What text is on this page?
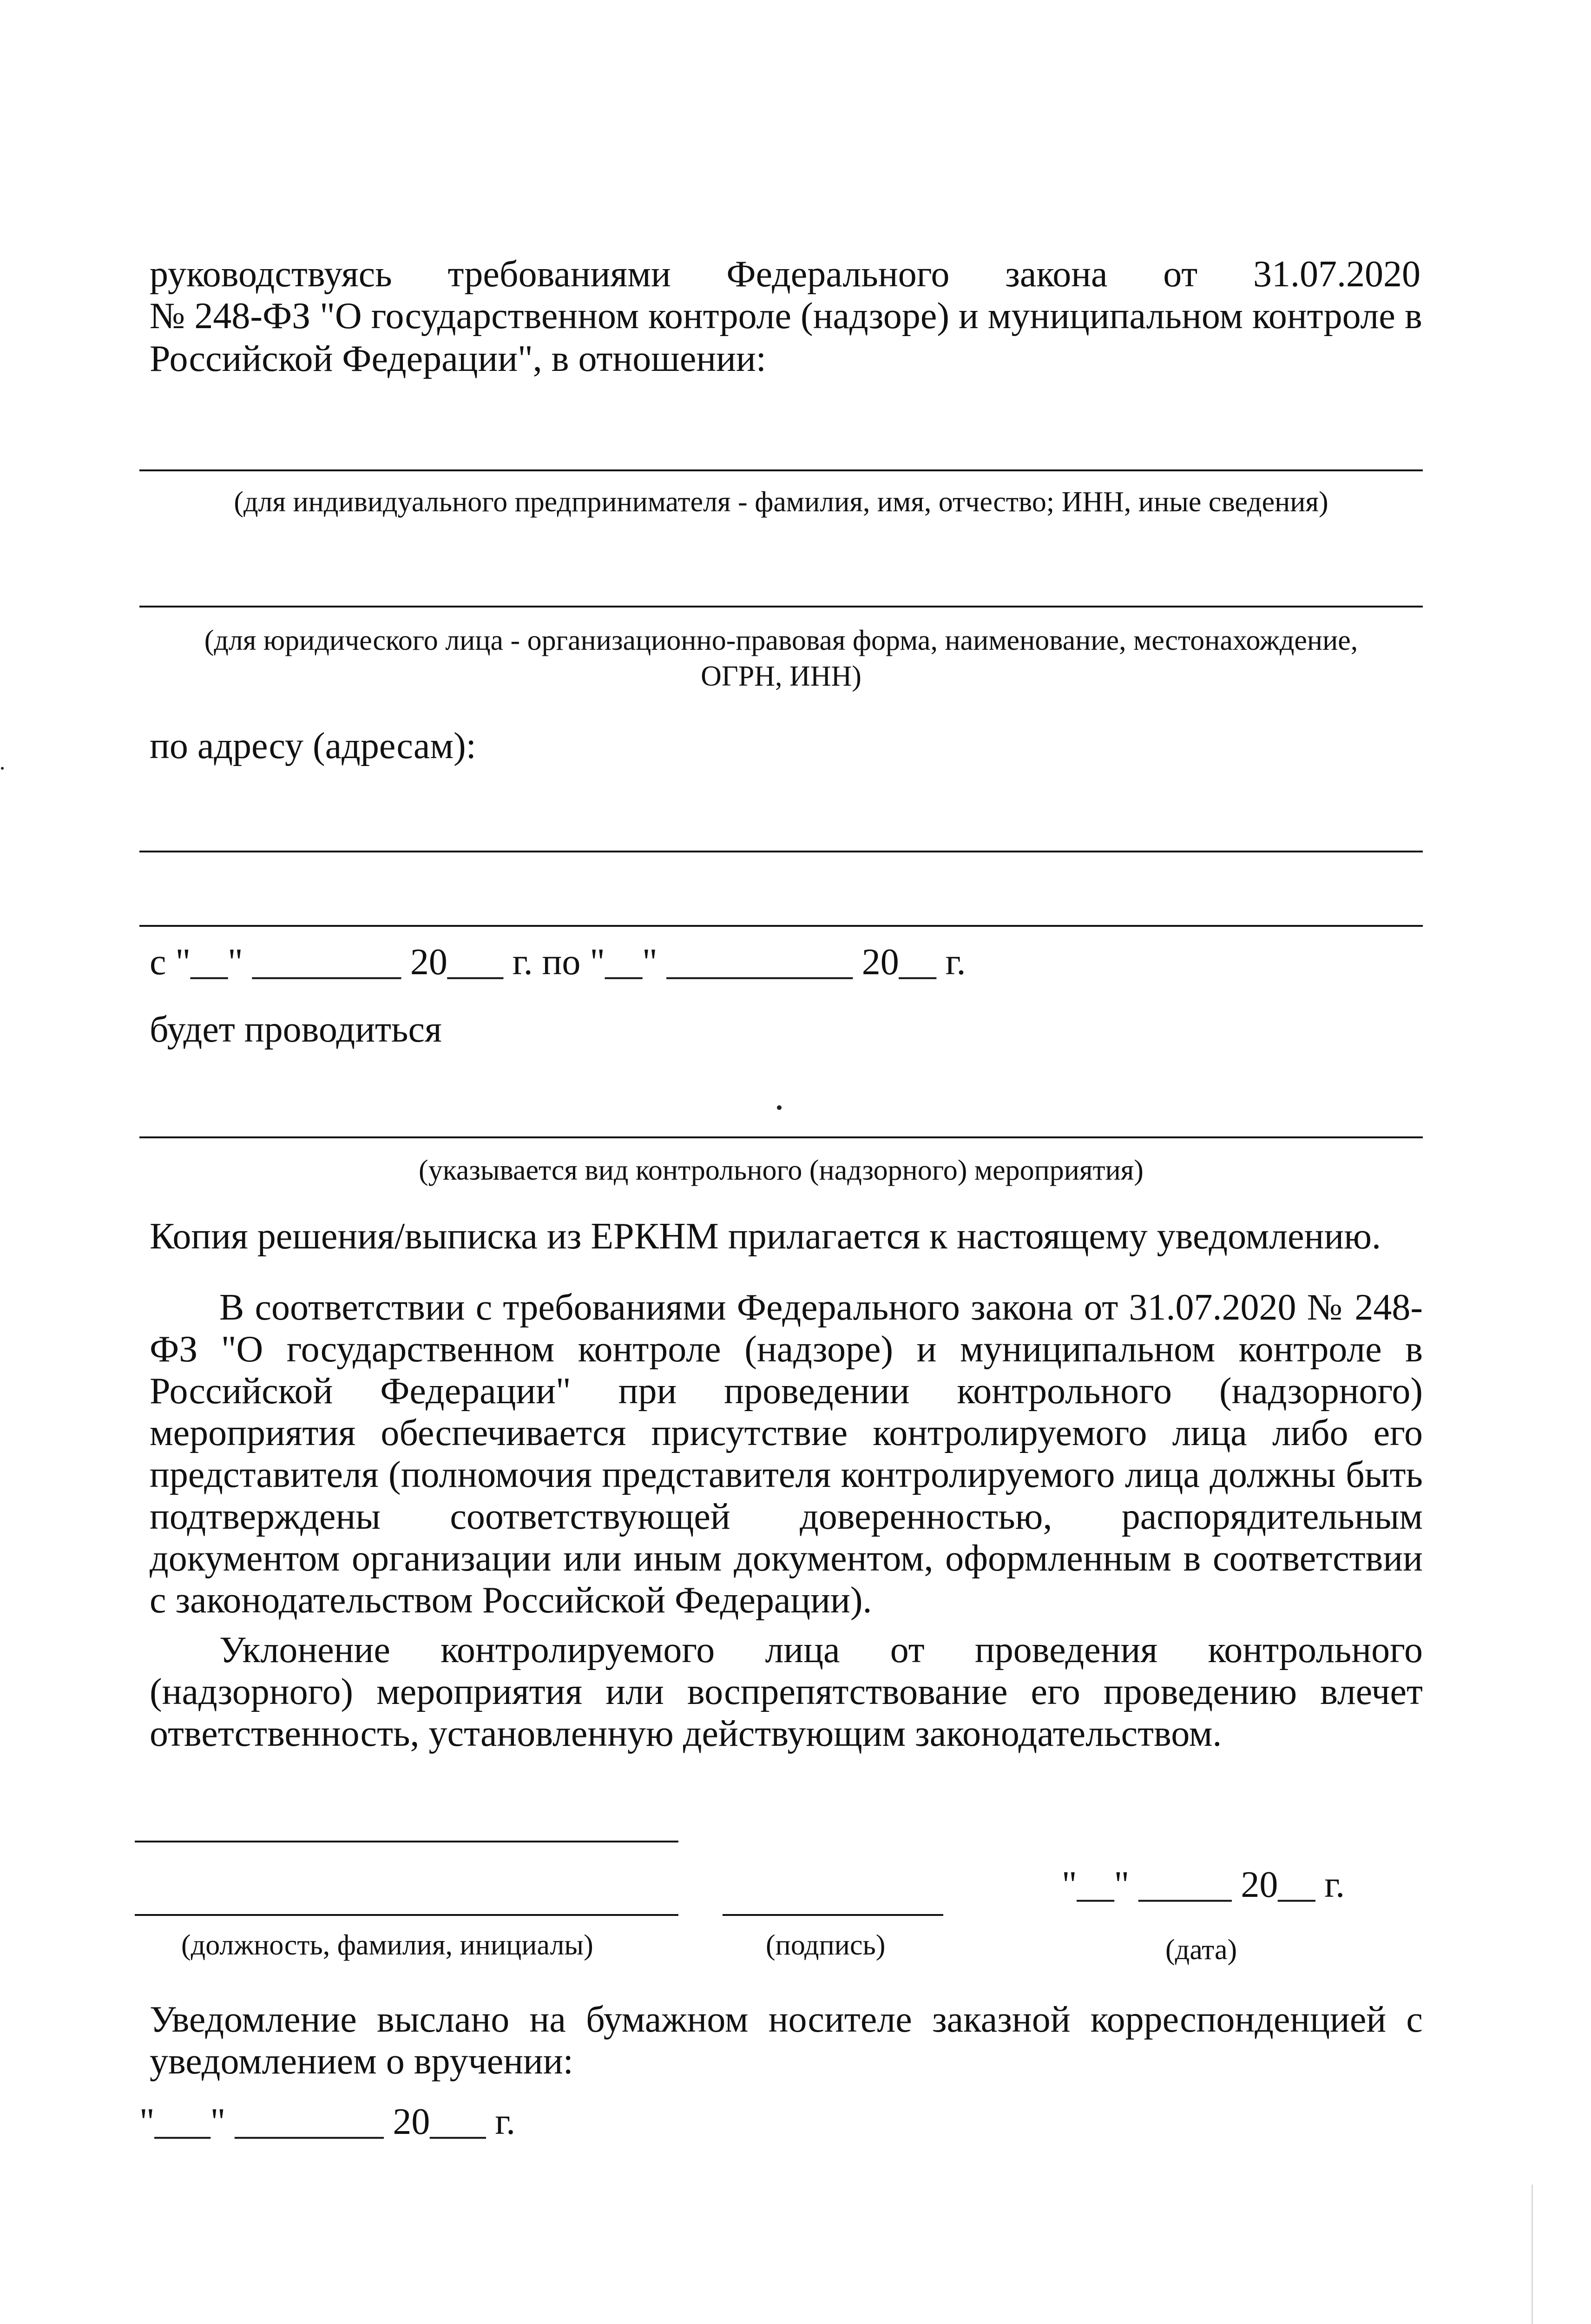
руководствуясь требованиями Федерального закона от 31.07.2020
№ 248-ФЗ "О государственном контроле (надзоре) и муниципальном контроле в
Российской Федерации", в отношении:
(для индивидуального предпринимателя - фамилия, имя, отчество; ИНН, иные сведения)
(для юридического лица - организационно-правовая форма, наименование, местонахождение,
ОГРН, ИНН)
по адресу (адресам):
с "__" ________ 20___ г. по "__" __________ 20__ г.
будет проводиться
(указывается вид контрольного (надзорного) мероприятия)
Копия решения/выписка из ЕРКНМ прилагается к настоящему уведомлению.
В соответствии с требованиями Федерального закона от 31.07.2020 № 248-ФЗ "О государственном контроле (надзоре) и муниципальном контроле в Российской Федерации" при проведении контрольного (надзорного) мероприятия обеспечивается присутствие контролируемого лица либо его представителя (полномочия представителя контролируемого лица должны быть подтверждены соответствующей доверенностью, распорядительным документом организации или иным документом, оформленным в соответствии с законодательством Российской Федерации).
Уклонение контролируемого лица от проведения контрольного (надзорного) мероприятия или воспрепятствование его проведению влечет ответственность, установленную действующим законодательством.
"__" _____ 20__ г.
(должность, фамилия, инициалы)	(подпись)	(дата)
Уведомление выслано на бумажном носителе заказной корреспонденцией с
уведомлением о вручении:
"___" ________ 20___ г.
